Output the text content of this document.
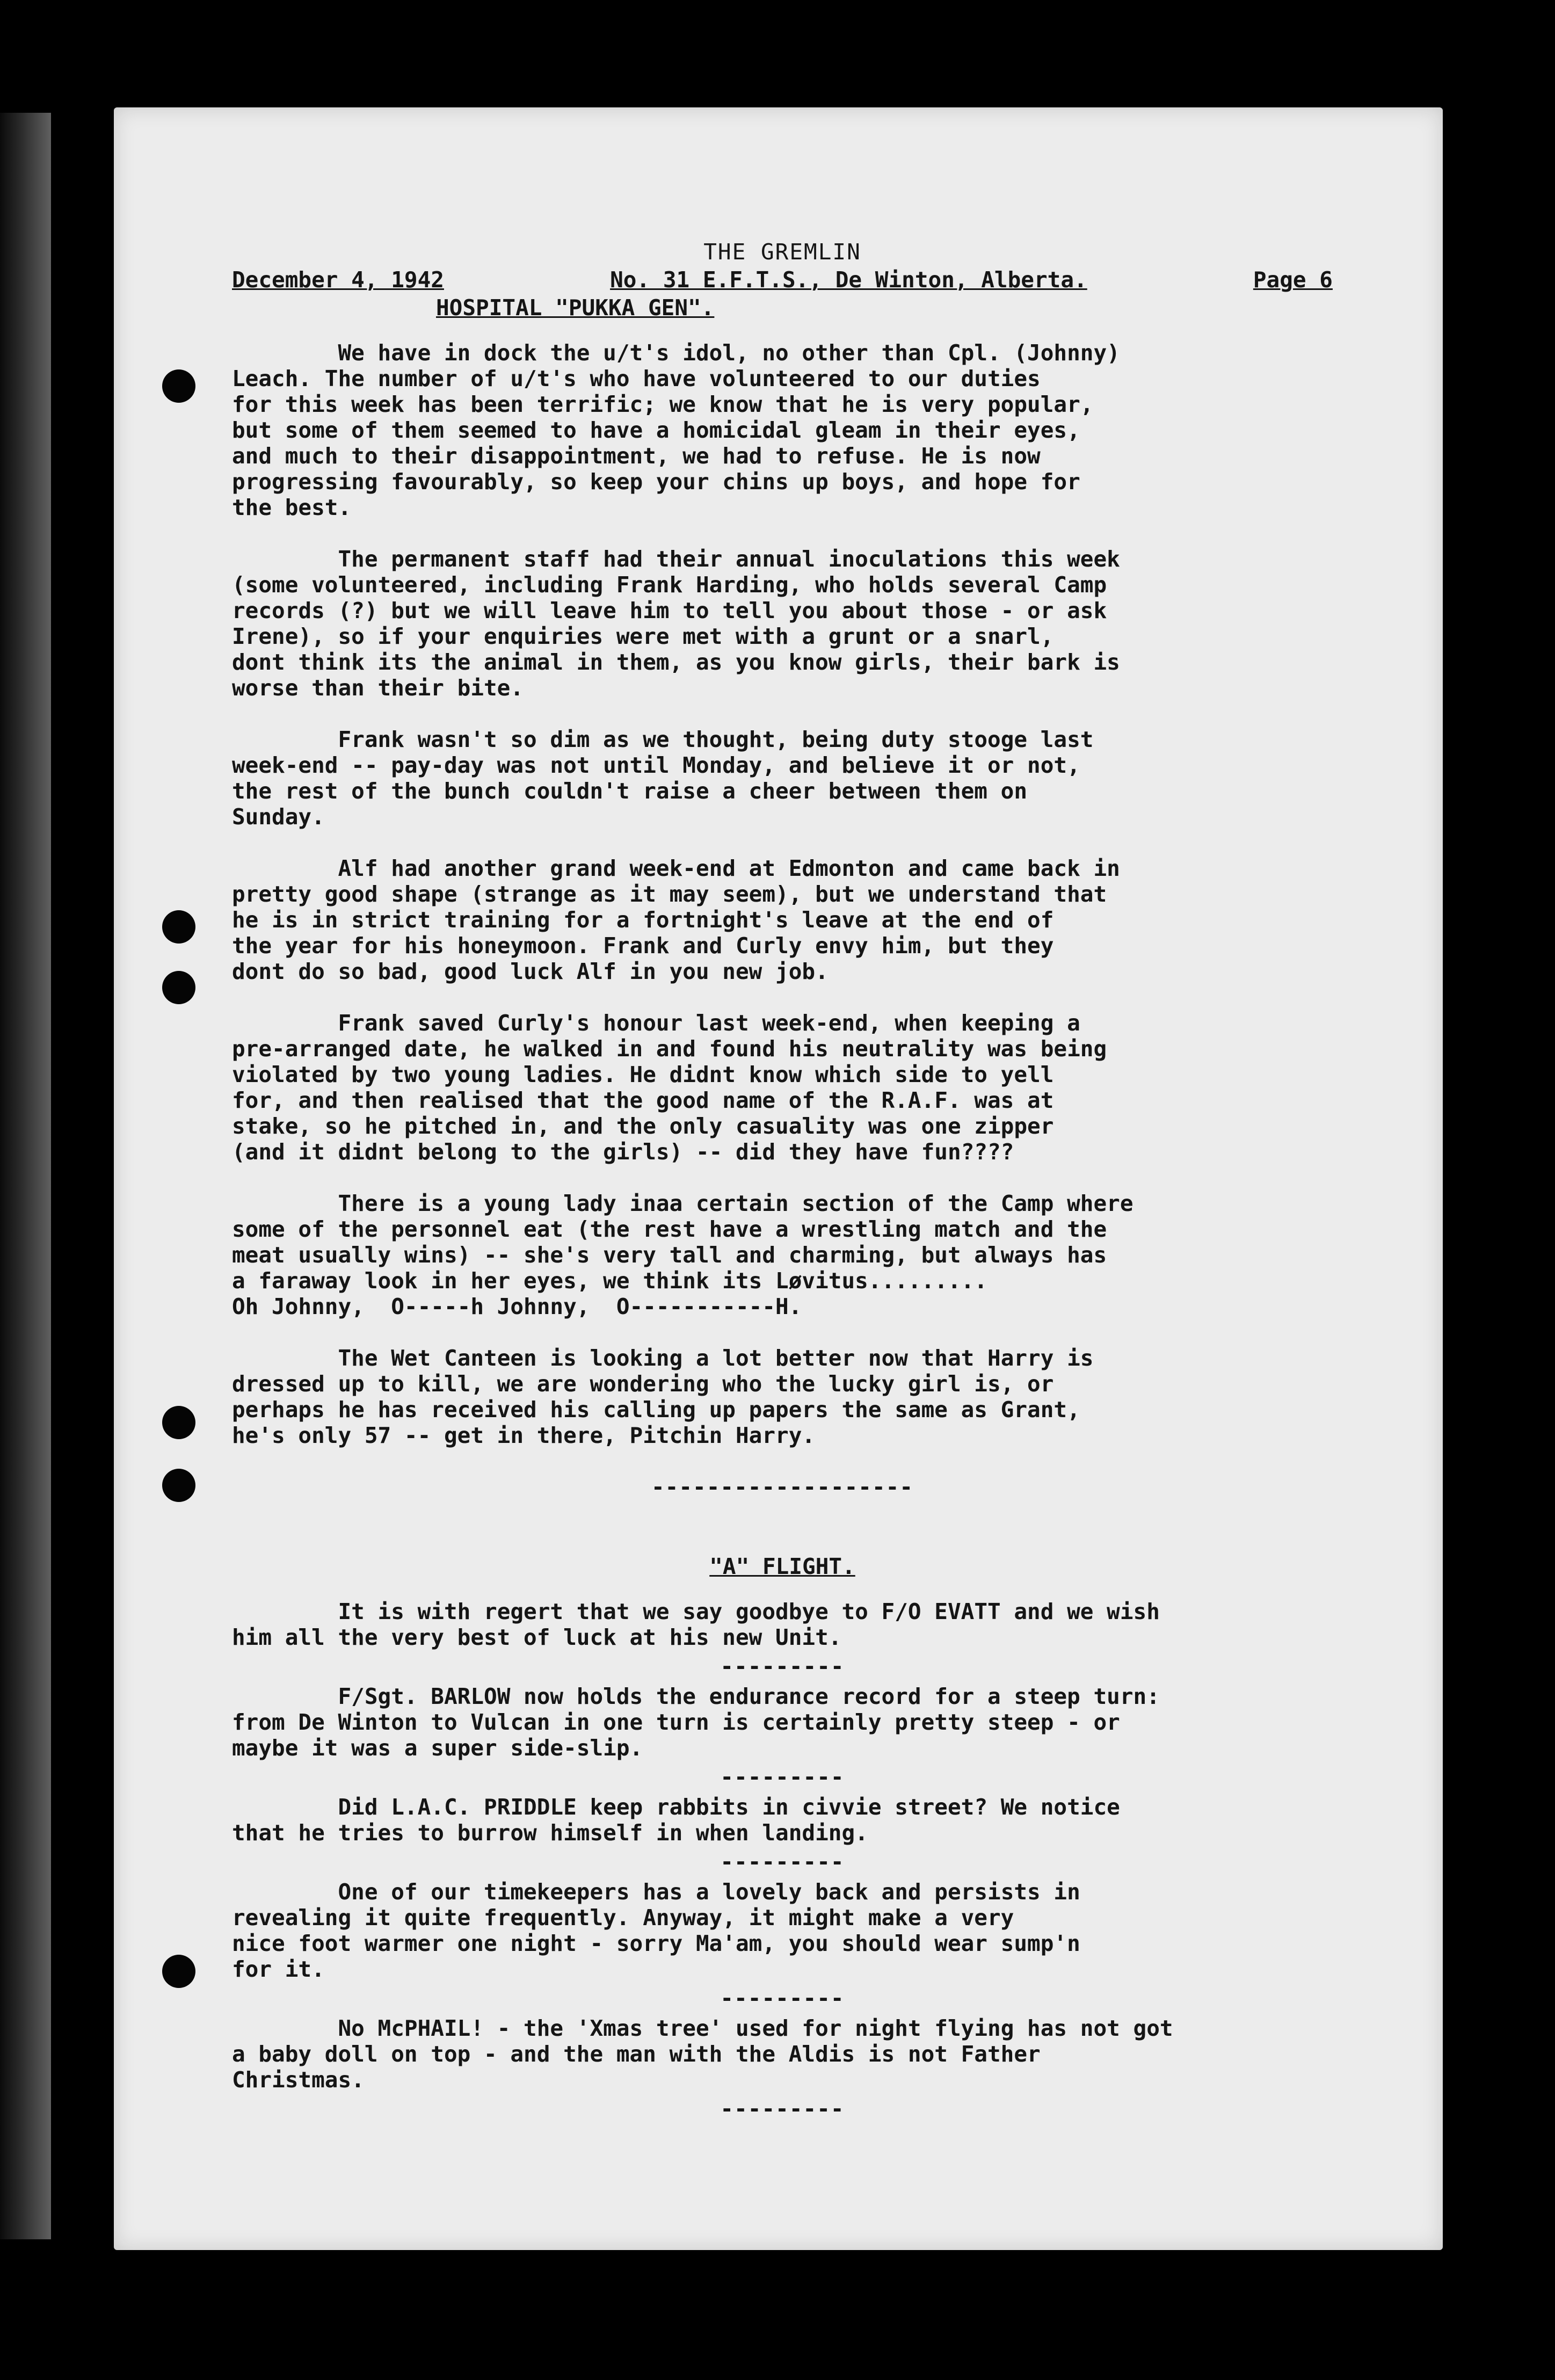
THE GREMLIN
December 4, 1942	No. 31 E.F.T.S., De Winton, Alberta.	Page 6
HOSPITAL "PUKKA GEN".

We have in dock the u/t's idol, no other than Cpl. (Johnny)
Leach. The number of u/t's who have volunteered to our duties
for this week has been terrific; we know that he is very popular,
but some of them seemed to have a homicidal gleam in their eyes,
and much to their disappointment, we had to refuse. He is now
progressing favourably, so keep your chins up boys, and hope for
the best.

The permanent staff had their annual inoculations this week
(some volunteered, including Frank Harding, who holds several Camp
records (?) but we will leave him to tell you about those - or ask
Irene), so if your enquiries were met with a grunt or a snarl,
dont think its the animal in them, as you know girls, their bark is
worse than their bite.

Frank wasn't so dim as we thought, being duty stooge last
week-end -- pay-day was not until Monday, and believe it or not,
the rest of the bunch couldn't raise a cheer between them on
Sunday.

Alf had another grand week-end at Edmonton and came back in
pretty good shape (strange as it may seem), but we understand that
he is in strict training for a fortnight's leave at the end of
the year for his honeymoon. Frank and Curly envy him, but they
dont do so bad, good luck Alf in you new job.

Frank saved Curly's honour last week-end, when keeping a
pre-arranged date, he walked in and found his neutrality was being
violated by two young ladies. He didnt know which side to yell
for, and then realised that the good name of the R.A.F. was at
stake, so he pitched in, and the only casuality was one zipper
(and it didnt belong to the girls) -- did they have fun????

There is a young lady inaa certain section of the Camp where
some of the personnel eat (the rest have a wrestling match and the
meat usually wins) -- she's very tall and charming, but always has
a faraway look in her eyes, we think its Løvitus.........
Oh Johnny,  O-----h Johnny,  O-----------H.

The Wet Canteen is looking a lot better now that Harry is
dressed up to kill, we are wondering who the lucky girl is, or
perhaps he has received his calling up papers the same as Grant,
he's only 57 -- get in there, Pitchin Harry.

-------------------
"A" FLIGHT.

It is with regert that we say goodbye to F/O EVATT and we wish
him all the very best of luck at his new Unit.

---------

F/Sgt. BARLOW now holds the endurance record for a steep turn:
from De Winton to Vulcan in one turn is certainly pretty steep - or
maybe it was a super side-slip.

---------

Did L.A.C. PRIDDLE keep rabbits in civvie street? We notice
that he tries to burrow himself in when landing.

---------

One of our timekeepers has a lovely back and persists in
revealing it quite frequently. Anyway, it might make a very
nice foot warmer one night - sorry Ma'am, you should wear sump'n
for it.

---------

No McPHAIL! - the 'Xmas tree' used for night flying has not got
a baby doll on top - and the man with the Aldis is not Father
Christmas.

---------
